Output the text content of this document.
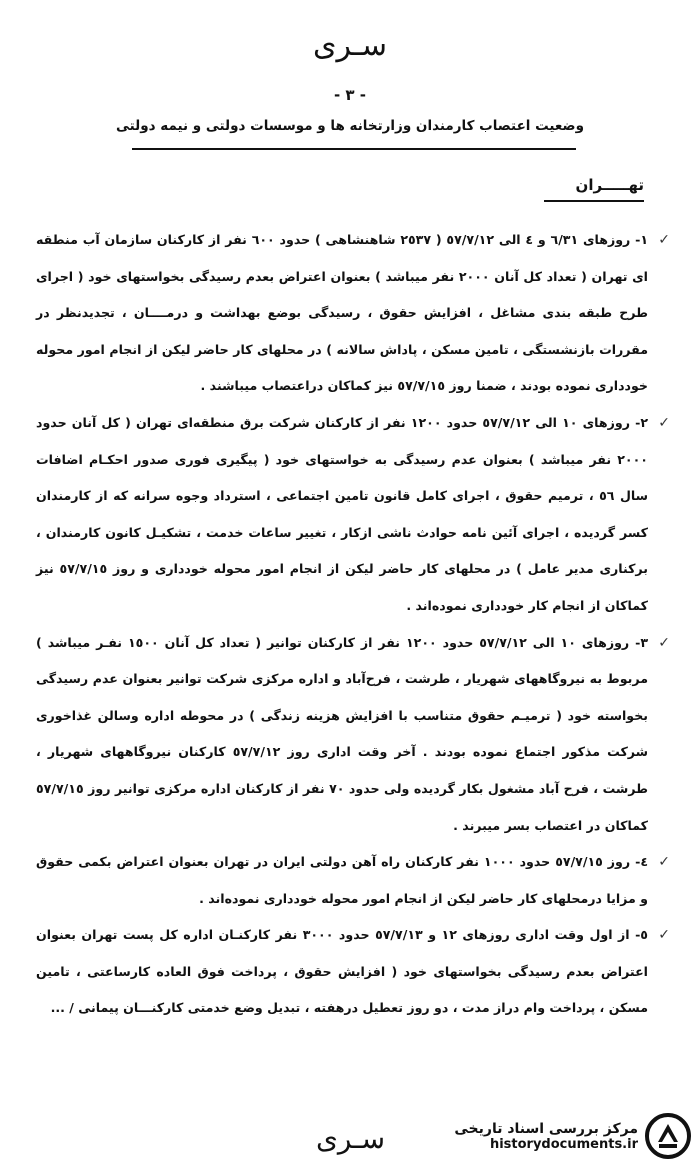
سـری
- ٣ -
وضعیت اعتصاب کارمندان وزارتخانه ها و موسسات دولتی و نیمه دولتی
تهـــــران

✓
١- روزهای ٦/٣١ و ٤ الی ٥٧/٧/١٢ ( ٢٥٣٧ شاهنشاهی ) حدود ٦٠٠ نفر از کارکنان سازمان آب منطقه ای تهران ( تعداد کل آنان ٢٠٠٠ نفر میباشد ) بعنوان اعتراض بعدم رسیدگی بخواستهای خود ( اجرای طرح طبقه بندی مشاغل ، افزایش حقوق ، رسیدگی بوضع بهداشت و درمــــان ، تجدیدنظر در مقررات بازنشستگی ، تامین مسکن ، پاداش سالانه ) در محلهای کار حاضر لیکن از انجام امور محوله خودداری نموده بودند ، ضمنا روز ٥٧/٧/١٥ نیز کماکان دراعتصاب میباشند .

✓
٢- روزهای ١٠ الی ٥٧/٧/١٢ حدود ١٢٠٠ نفر از کارکنان شرکت برق منطقه‌ای تهران ( کل آنان حدود ٢٠٠٠ نفر میباشد ) بعنوان عدم رسیدگی به خواستهای خود ( پیگیری فوری صدور احکـام اضافات سال ٥٦ ، ترمیم حقوق ، اجرای کامل قانون تامین اجتماعی ، استرداد وجوه سرانه که از کارمندان کسر گردیده ، اجرای آئین نامه حوادث ناشی ازکار ، تغییر ساعات خدمت ، تشکیـل کانون کارمندان ، برکناری مدیر عامل ) در محلهای کار حاضر لیکن از انجام امور محوله خودداری و روز ٥٧/٧/١٥ نیز کماکان از انجام کار خودداری نموده‌اند .

✓
٣- روزهای ١٠ الی ٥٧/٧/١٢ حدود ١٢٠٠ نفر از کارکنان توانیر ( تعداد کل آنان ١٥٠٠ نفـر میباشد ) مربوط به نیروگاههای شهریار ، طرشت ، فرح‌آباد و اداره مرکزی شرکت توانیر بعنوان عدم رسیدگی بخواسته خود ( ترمیـم حقوق متناسب با افزایش هزینه زندگی ) در محوطه اداره وسالن غذاخوری شرکت مذکور اجتماع نموده بودند . آخر وقت اداری روز ٥٧/٧/١٢ کارکنان نیروگاههای شهریار ، طرشت ، فرح آباد مشغول بکار گردیده ولی حدود ٧٠ نفر از کارکنان اداره مرکزی توانیر روز ٥٧/٧/١٥ کماکان در اعتصاب بسر میبرند .

✓
٤- روز ٥٧/٧/١٥ حدود ١٠٠٠ نفر کارکنان راه آهن دولتی ایران در تهران بعنوان اعتراض بکمی حقوق و مزایا درمحلهای کار حاضر لیکن از انجام امور محوله خودداری نموده‌اند .

✓
٥- از اول وقت اداری روزهای ١٢ و ٥٧/٧/١٣ حدود ٣٠٠٠ نفر کارکنـان اداره کل پست تهران بعنوان اعتراض بعدم رسیدگی بخواستهای خود ( افزایش حقوق ، پرداخت فوق العاده کارساعتی ، تامین مسکن ، پرداخت وام دراز مدت ، دو روز تعطیل درهفته ، تبدیل وضع خدمتی کارکنـــان پیمانی / ...

سـری	مرکز بررسی اسناد تاریخی
historydocuments.ir
